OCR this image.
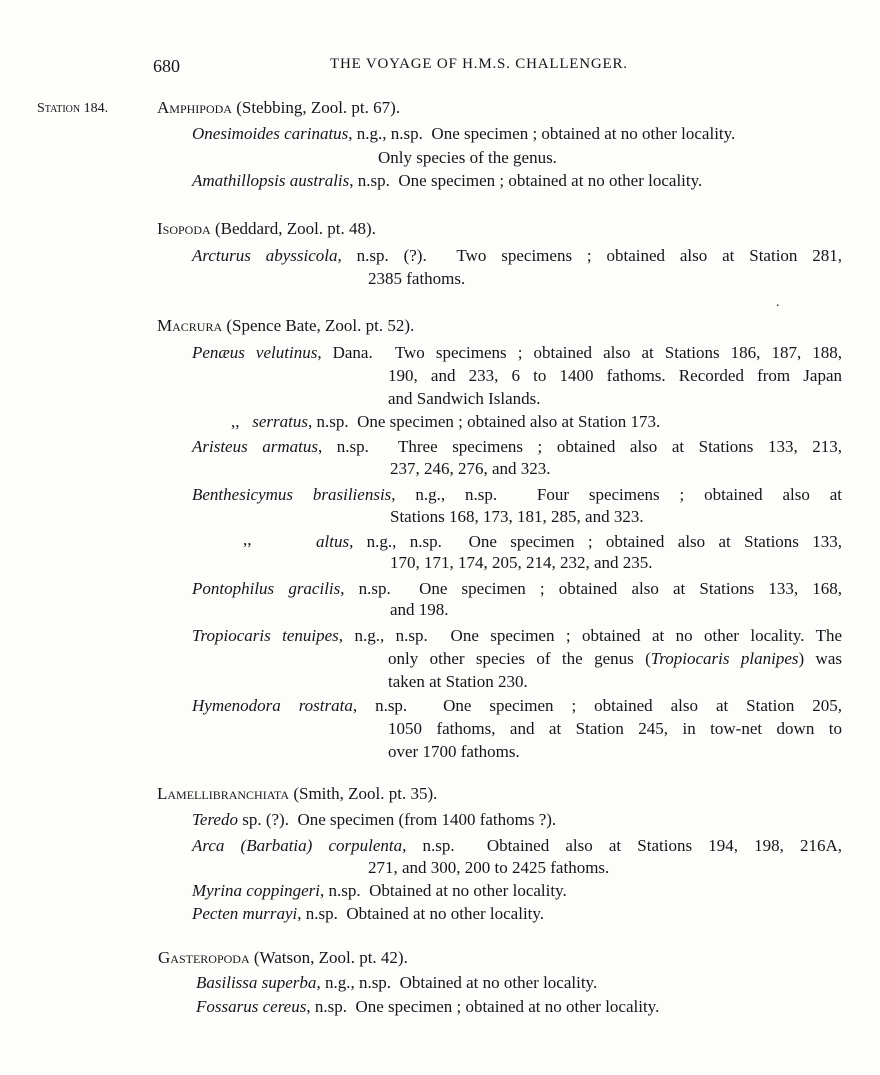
680	THE VOYAGE OF H.M.S. CHALLENGER.
Station 184.
.
Amphipoda (Stebbing, Zool. pt. 67).
Onesimoides carinatus, n.g., n.sp. One specimen ; obtained at no other locality.
Only species of the genus.
Amathillopsis australis, n.sp. One specimen ; obtained at no other locality.
Isopoda (Beddard, Zool. pt. 48).
Arcturus abyssicola, n.sp. (?). Two specimens ; obtained also at Station 281,
2385 fathoms.
Macrura (Spence Bate, Zool. pt. 52).
Penæus velutinus, Dana. Two specimens ; obtained also at Stations 186, 187, 188,
190, and 233, 6 to 1400 fathoms. Recorded from Japan
and Sandwich Islands.
,, serratus, n.sp. One specimen ; obtained also at Station 173.
Aristeus armatus, n.sp. Three specimens ; obtained also at Stations 133, 213,
237, 246, 276, and 323.
Benthesicymus brasiliensis, n.g., n.sp. Four specimens ; obtained also at
Stations 168, 173, 181, 285, and 323.
,,	altus, n.g., n.sp. One specimen ; obtained also at Stations 133,
170, 171, 174, 205, 214, 232, and 235.
Pontophilus gracilis, n.sp. One specimen ; obtained also at Stations 133, 168,
and 198.
Tropiocaris tenuipes, n.g., n.sp. One specimen ; obtained at no other locality. The
only other species of the genus (Tropiocaris planipes) was
taken at Station 230.
Hymenodora rostrata, n.sp. One specimen ; obtained also at Station 205,
1050 fathoms, and at Station 245, in tow-net down to
over 1700 fathoms.
Lamellibranchiata (Smith, Zool. pt. 35).
Teredo sp. (?). One specimen (from 1400 fathoms ?).
Arca (Barbatia) corpulenta, n.sp. Obtained also at Stations 194, 198, 216A,
271, and 300, 200 to 2425 fathoms.
Myrina coppingeri, n.sp. Obtained at no other locality.
Pecten murrayi, n.sp. Obtained at no other locality.
Gasteropoda (Watson, Zool. pt. 42).
Basilissa superba, n.g., n.sp. Obtained at no other locality.
Fossarus cereus, n.sp. One specimen ; obtained at no other locality.
